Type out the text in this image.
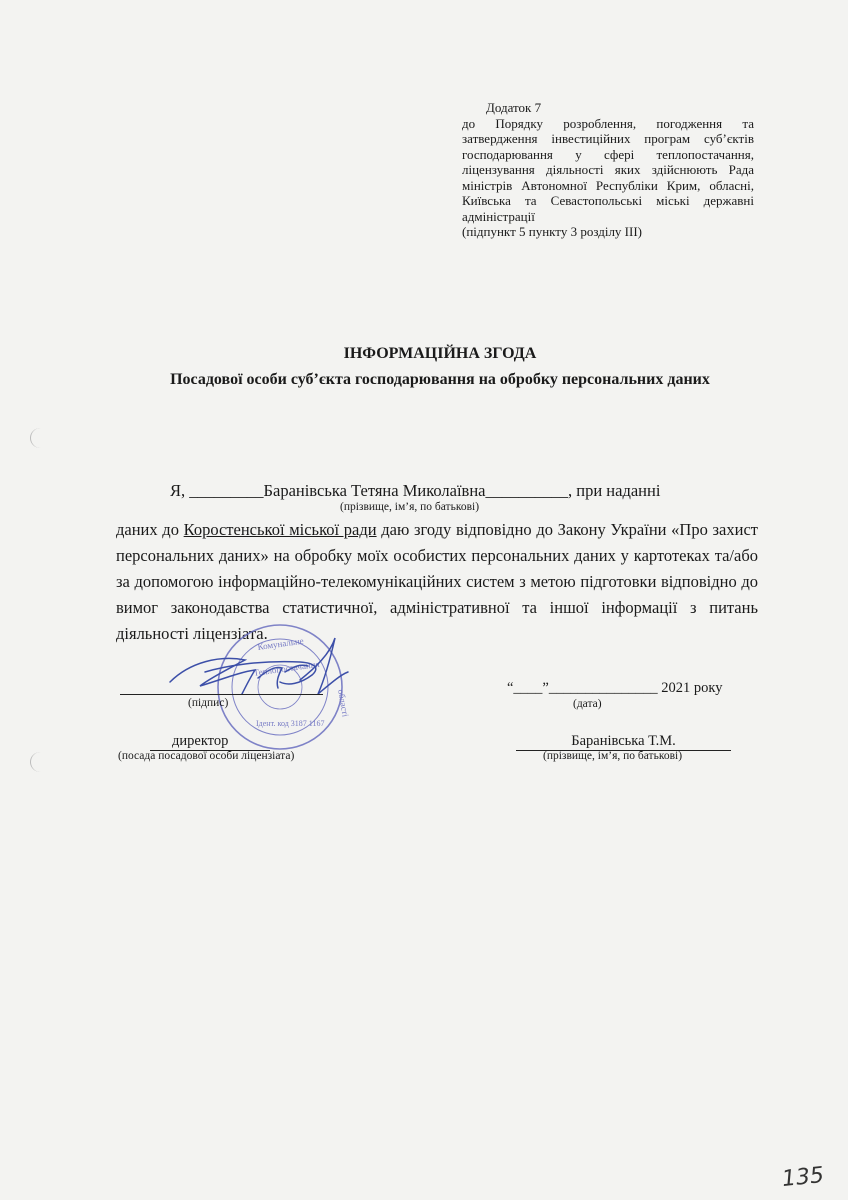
Додаток 7
до Порядку розроблення, погодження та затвердження інвестиційних програм суб’єктів господарювання у сфері теплопостачання, ліцензування діяльності яких здійснюють Рада міністрів Автономної Республіки Крим, обласні, Київська та Севастопольські міські державні адміністрації
(підпункт 5 пункту 3 розділу ІІІ)
ІНФОРМАЦІЙНА ЗГОДА
Посадової особи суб’єкта господарювання на обробку персональних даних
Я, _________Баранівська Тетяна Миколаївна__________, при наданні
(прізвище, ім’я, по батькові)

даних до Коростенської міської ради даю згоду відповідно до Закону України «Про захист персональних даних» на обробку моїх особистих персональних даних у картотеках та/або за допомогою інформаційно-телекомунікаційних систем з метою підготовки відповідно до вимог законодавства статистичної, адміністративної та іншої інформації з питань діяльності ліцензіата.

Комунальне
Теплопостачання
області
Ідент. код 3187 1167
(підпис)
“____”_______________ 2021 року
(дата)
директор
(посада посадової особи ліцензіата)
Баранівська Т.М.
(прізвище, ім’я, по батькові)
135
